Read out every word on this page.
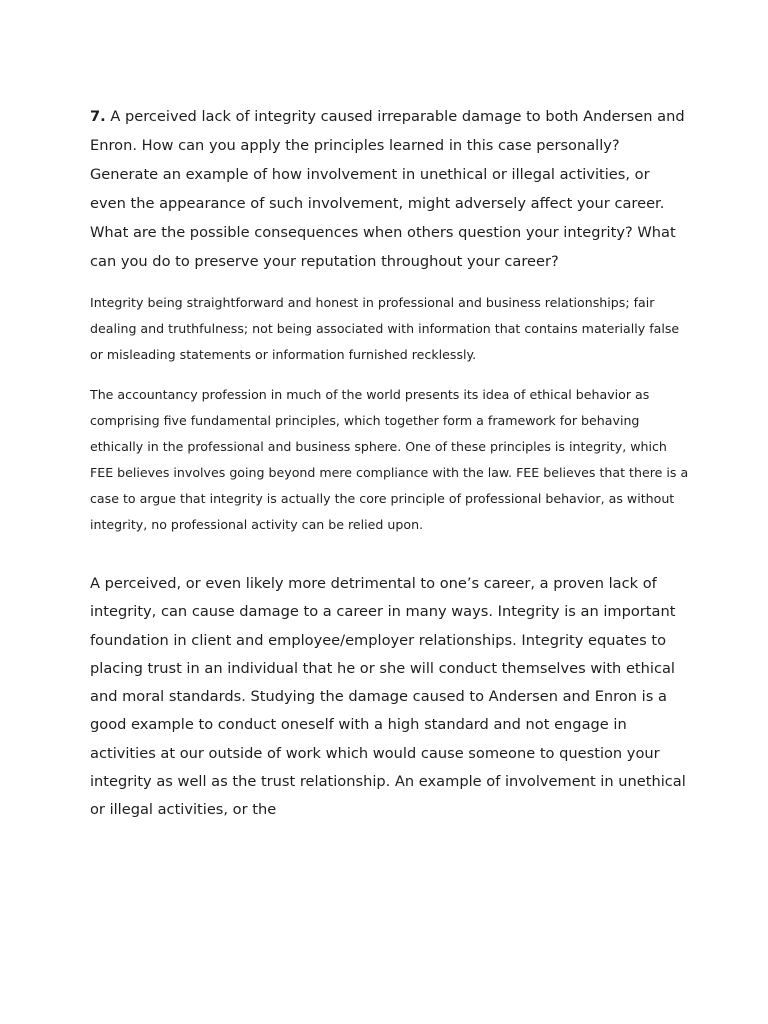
7. A perceived lack of integrity caused irreparable damage to both Andersen and Enron. How can you apply the principles learned in this case personally? Generate an example of how involvement in unethical or illegal activities, or even the appearance of such involvement, might adversely affect your career. What are the possible consequences when others question your integrity? What can you do to preserve your reputation throughout your career?

Integrity being straightforward and honest in professional and business relationships; fair dealing and truthfulness; not being associated with information that contains materially false or misleading statements or information furnished recklessly.

The accountancy profession in much of the world presents its idea of ethical behavior as comprising five fundamental principles, which together form a framework for behaving ethically in the professional and business sphere. One of these principles is integrity, which FEE believes involves going beyond mere compliance with the law. FEE believes that there is a case to argue that integrity is actually the core principle of professional behavior, as without integrity, no professional activity can be relied upon.

A perceived, or even likely more detrimental to one’s career, a proven lack of integrity, can cause damage to a career in many ways. Integrity is an important foundation in client and employee/employer relationships. Integrity equates to placing trust in an individual that he or she will conduct themselves with ethical and moral standards. Studying the damage caused to Andersen and Enron is a good example to conduct oneself with a high standard and not engage in activities at our outside of work which would cause someone to question your integrity as well as the trust relationship. An example of involvement in unethical or illegal activities, or the
